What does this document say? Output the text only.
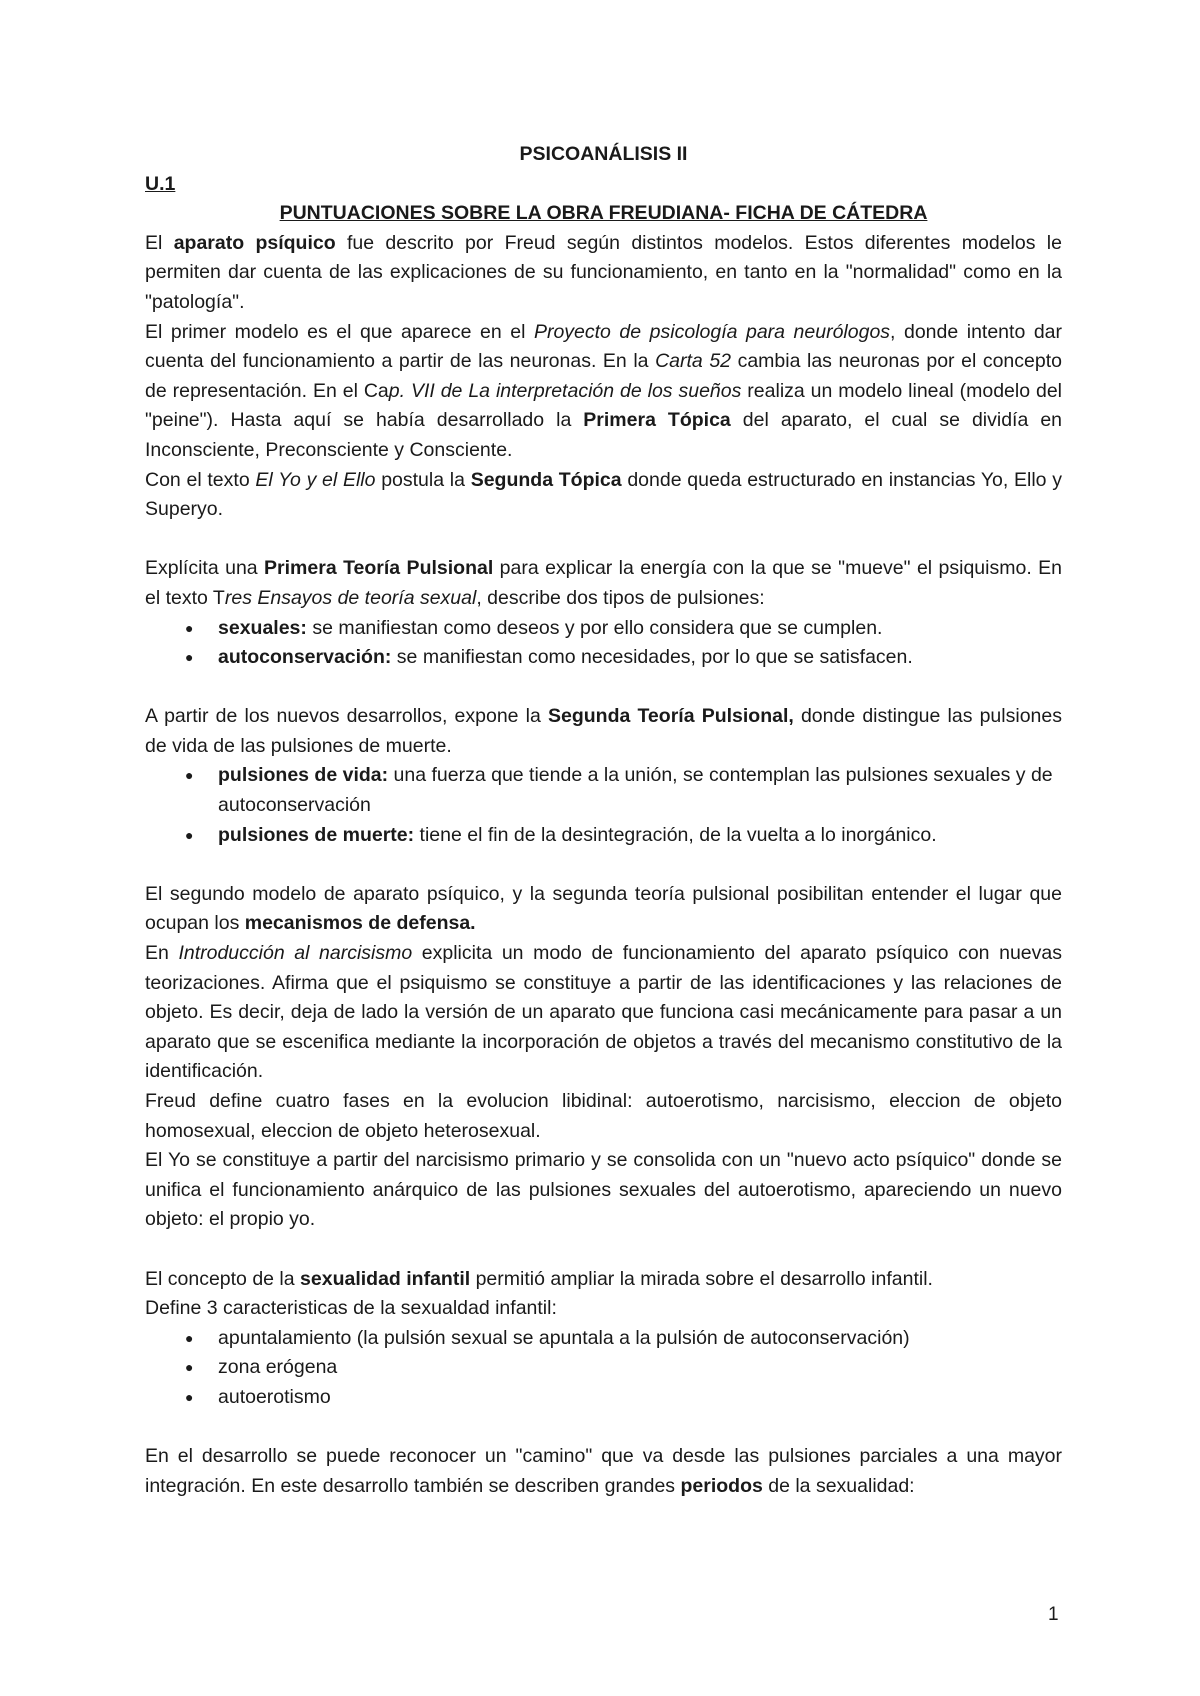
PSICOANÁLISIS II

U.1

PUNTUACIONES SOBRE LA OBRA FREUDIANA- FICHA DE CÁTEDRA

El aparato psíquico fue descrito por Freud según distintos modelos. Estos diferentes modelos le permiten dar cuenta de las explicaciones de su funcionamiento, en tanto en la "normalidad" como en la "patología".

El primer modelo es el que aparece en el Proyecto de psicología para neurólogos, donde intento dar cuenta del funcionamiento a partir de las neuronas. En la Carta 52 cambia las neuronas por el concepto de representación. En el Cap. VII de La interpretación de los sueños realiza un modelo lineal (modelo del "peine"). Hasta aquí se había desarrollado la Primera Tópica del aparato, el cual se dividía en Inconsciente, Preconsciente y Consciente.

Con el texto El Yo y el Ello postula la Segunda Tópica donde queda estructurado en instancias Yo, Ello y Superyo.

Explícita una Primera Teoría Pulsional para explicar la energía con la que se "mueve" el psiquismo. En el texto Tres Ensayos de teoría sexual, describe dos tipos de pulsiones:

● sexuales: se manifiestan como deseos y por ello considera que se cumplen.
● autoconservación: se manifiestan como necesidades, por lo que se satisfacen.

A partir de los nuevos desarrollos, expone la Segunda Teoría Pulsional, donde distingue las pulsiones de vida de las pulsiones de muerte.

● pulsiones de vida: una fuerza que tiende a la unión, se contemplan las pulsiones sexuales y de autoconservación
● pulsiones de muerte: tiene el fin de la desintegración, de la vuelta a lo inorgánico.

El segundo modelo de aparato psíquico, y la segunda teoría pulsional posibilitan entender el lugar que ocupan los mecanismos de defensa.

En Introducción al narcisismo explicita un modo de funcionamiento del aparato psíquico con nuevas teorizaciones. Afirma que el psiquismo se constituye a partir de las identificaciones y las relaciones de objeto. Es decir, deja de lado la versión de un aparato que funciona casi mecánicamente para pasar a un aparato que se escenifica mediante la incorporación de objetos a través del mecanismo constitutivo de la identificación.

Freud define cuatro fases en la evolucion libidinal: autoerotismo, narcisismo, eleccion de objeto homosexual, eleccion de objeto heterosexual.

El Yo se constituye a partir del narcisismo primario y se consolida con un "nuevo acto psíquico" donde se unifica el funcionamiento anárquico de las pulsiones sexuales del autoerotismo, apareciendo un nuevo objeto: el propio yo.

El concepto de la sexualidad infantil permitió ampliar la mirada sobre el desarrollo infantil.

Define 3 caracteristicas de la sexualdad infantil:

● apuntalamiento (la pulsión sexual se apuntala a la pulsión de autoconservación)
● zona erógena
● autoerotismo

En el desarrollo se puede reconocer un "camino" que va desde las pulsiones parciales a una mayor integración. En este desarrollo también se describen grandes periodos de la sexualidad:

1
